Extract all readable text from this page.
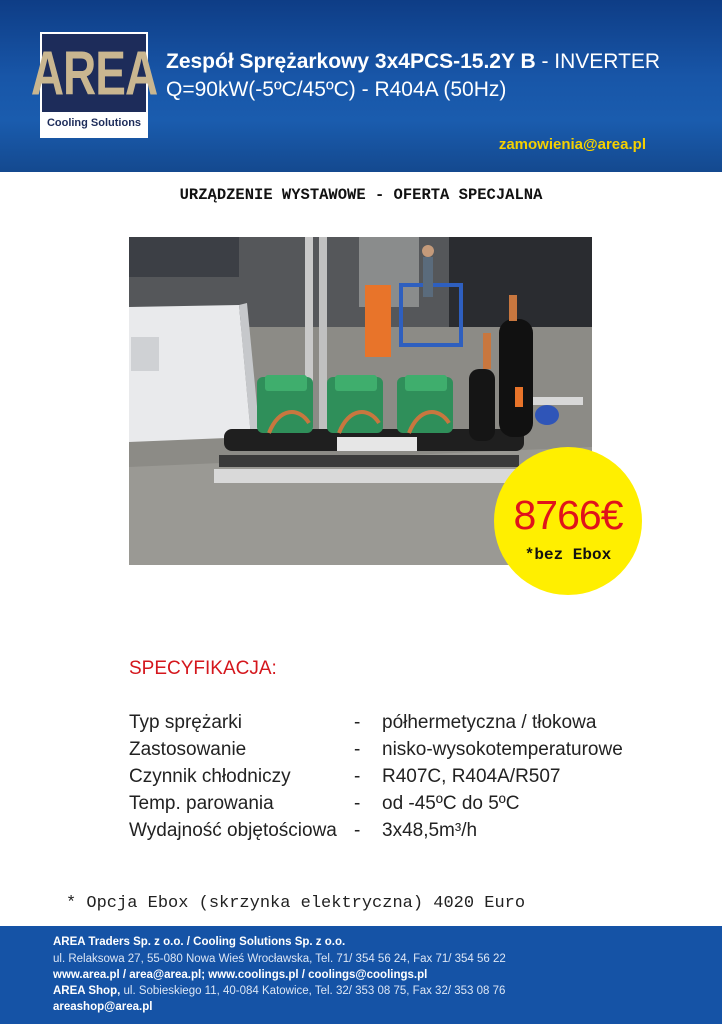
AREA
Cooling Solutions
Zespół Sprężarkowy 3x4PCS-15.2Y B - INVERTER
Q=90kW(-5ºC/45ºC) - R404A (50Hz)
zamowienia@area.pl
URZĄDZENIE WYSTAWOWE - OFERTA SPECJALNA
8766€
*bez Ebox
SPECYFIKACJA:
Typ sprężarki	- półhermetyczna / tłokowa
Zastosowanie	- nisko-wysokotemperaturowe
Czynnik chłodniczy	- R407C, R404A/R507
Temp. parowania	- od -45ºC do 5ºC
Wydajność objętościowa - 3x48,5m³/h
* Opcja Ebox (skrzynka elektryczna) 4020 Euro
AREA Traders Sp. z o.o. / Cooling Solutions Sp. z o.o.
ul. Relaksowa 27, 55-080 Nowa Wieś Wrocławska, Tel. 71/ 354 56 24, Fax 71/ 354 56 22
www.area.pl / area@area.pl; www.coolings.pl / coolings@coolings.pl
AREA Shop, ul. Sobieskiego 11, 40-084 Katowice, Tel. 32/ 353 08 75, Fax 32/ 353 08 76
areashop@area.pl
